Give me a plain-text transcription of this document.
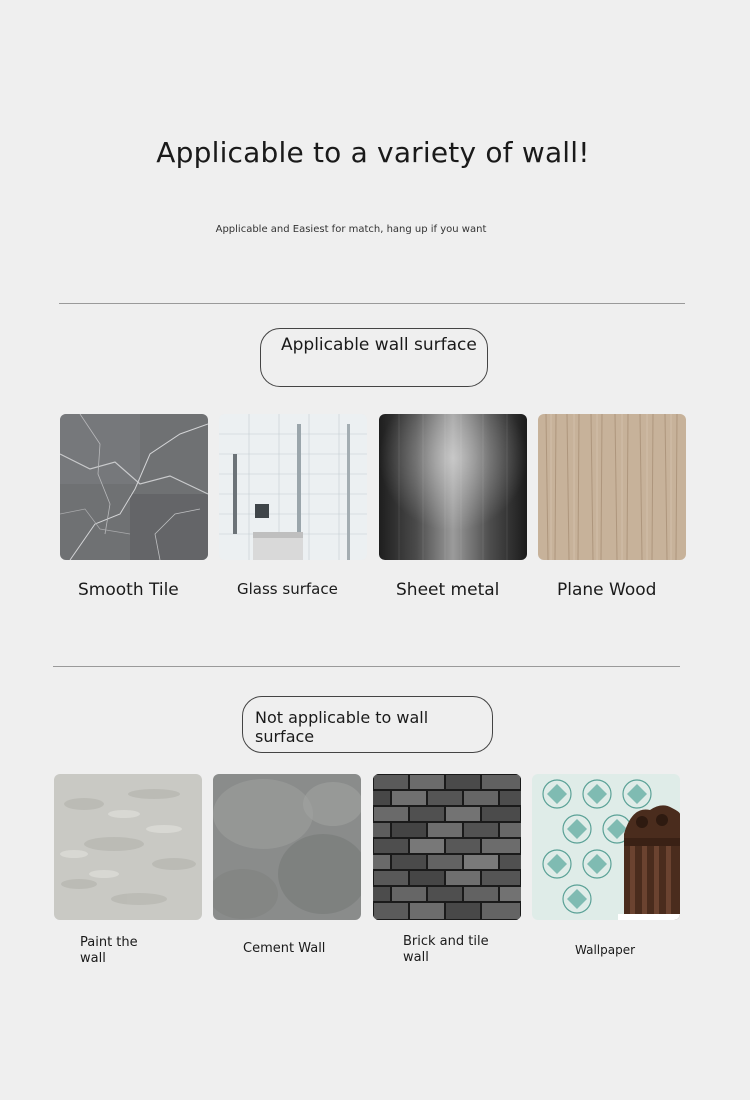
Applicable to a variety of wall!
Applicable and Easiest for match, hang up if you want
Applicable wall surface
Smooth Tile	Glass surface	Sheet metal	Plane Wood
Not applicable to wall surface
Paint the wall
Cement Wall	Brick and tile wall	Wallpaper
